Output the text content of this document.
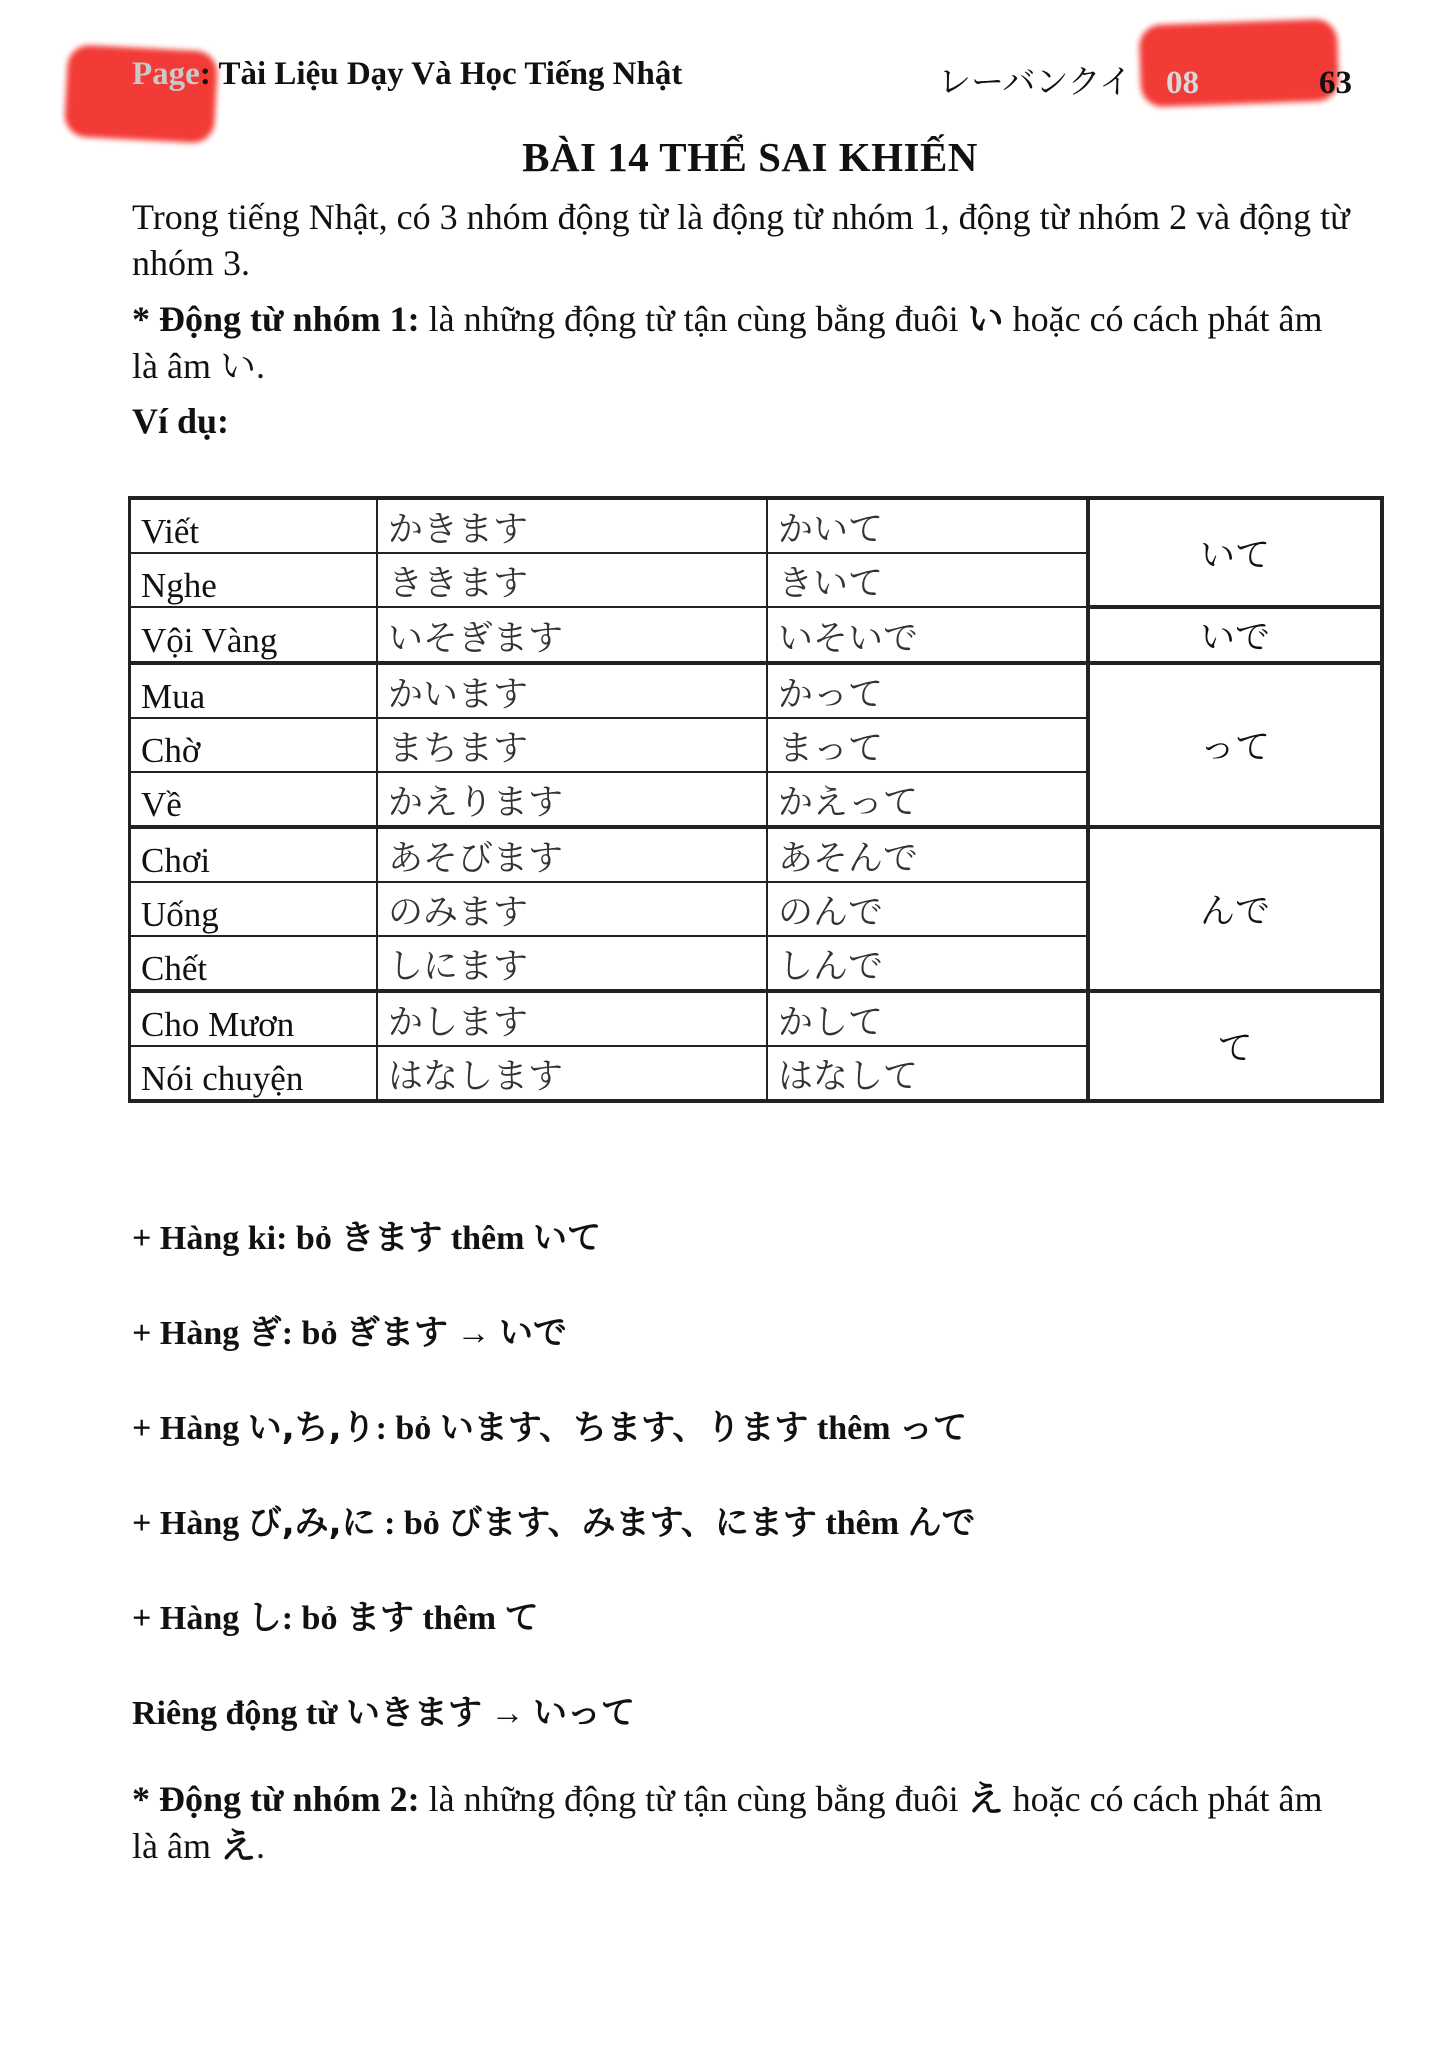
Page: Tài Liệu Dạy Và Học Tiếng Nhật	レーバンクイ 08	63
BÀI 14 THỂ SAI KHIẾN
Trong tiếng Nhật, có 3 nhóm động từ là động từ nhóm 1, động từ nhóm 2 và động từ nhóm 3.
* Động từ nhóm 1: là những động từ tận cùng bằng đuôi い hoặc có cách phát âm là âm い.
Ví dụ:
Viết	かきます	かいて	いて
Nghe	ききます	きいて	
Vội Vàng	いそぎます	いそいで	いで
Mua	かいます	かって	って
Chờ	まちます	まって	
Về	かえります	かえって	
Chơi	あそびます	あそんで	んで
Uống	のみます	のんで	
Chết	しにます	しんで	
Cho Mươn	かします	かして	て
Nói chuyện	はなします	はなして	
+ Hàng ki: bỏ きます thêm いて
+ Hàng ぎ: bỏ ぎます → いで
+ Hàng い,ち,り: bỏ います、ちます、ります thêm って
+ Hàng び,み,に : bỏ びます、みます、にます thêm んで
+ Hàng し: bỏ ます thêm て
Riêng động từ いきます → いって
* Động từ nhóm 2: là những động từ tận cùng bằng đuôi え hoặc có cách phát âm là âm え.
